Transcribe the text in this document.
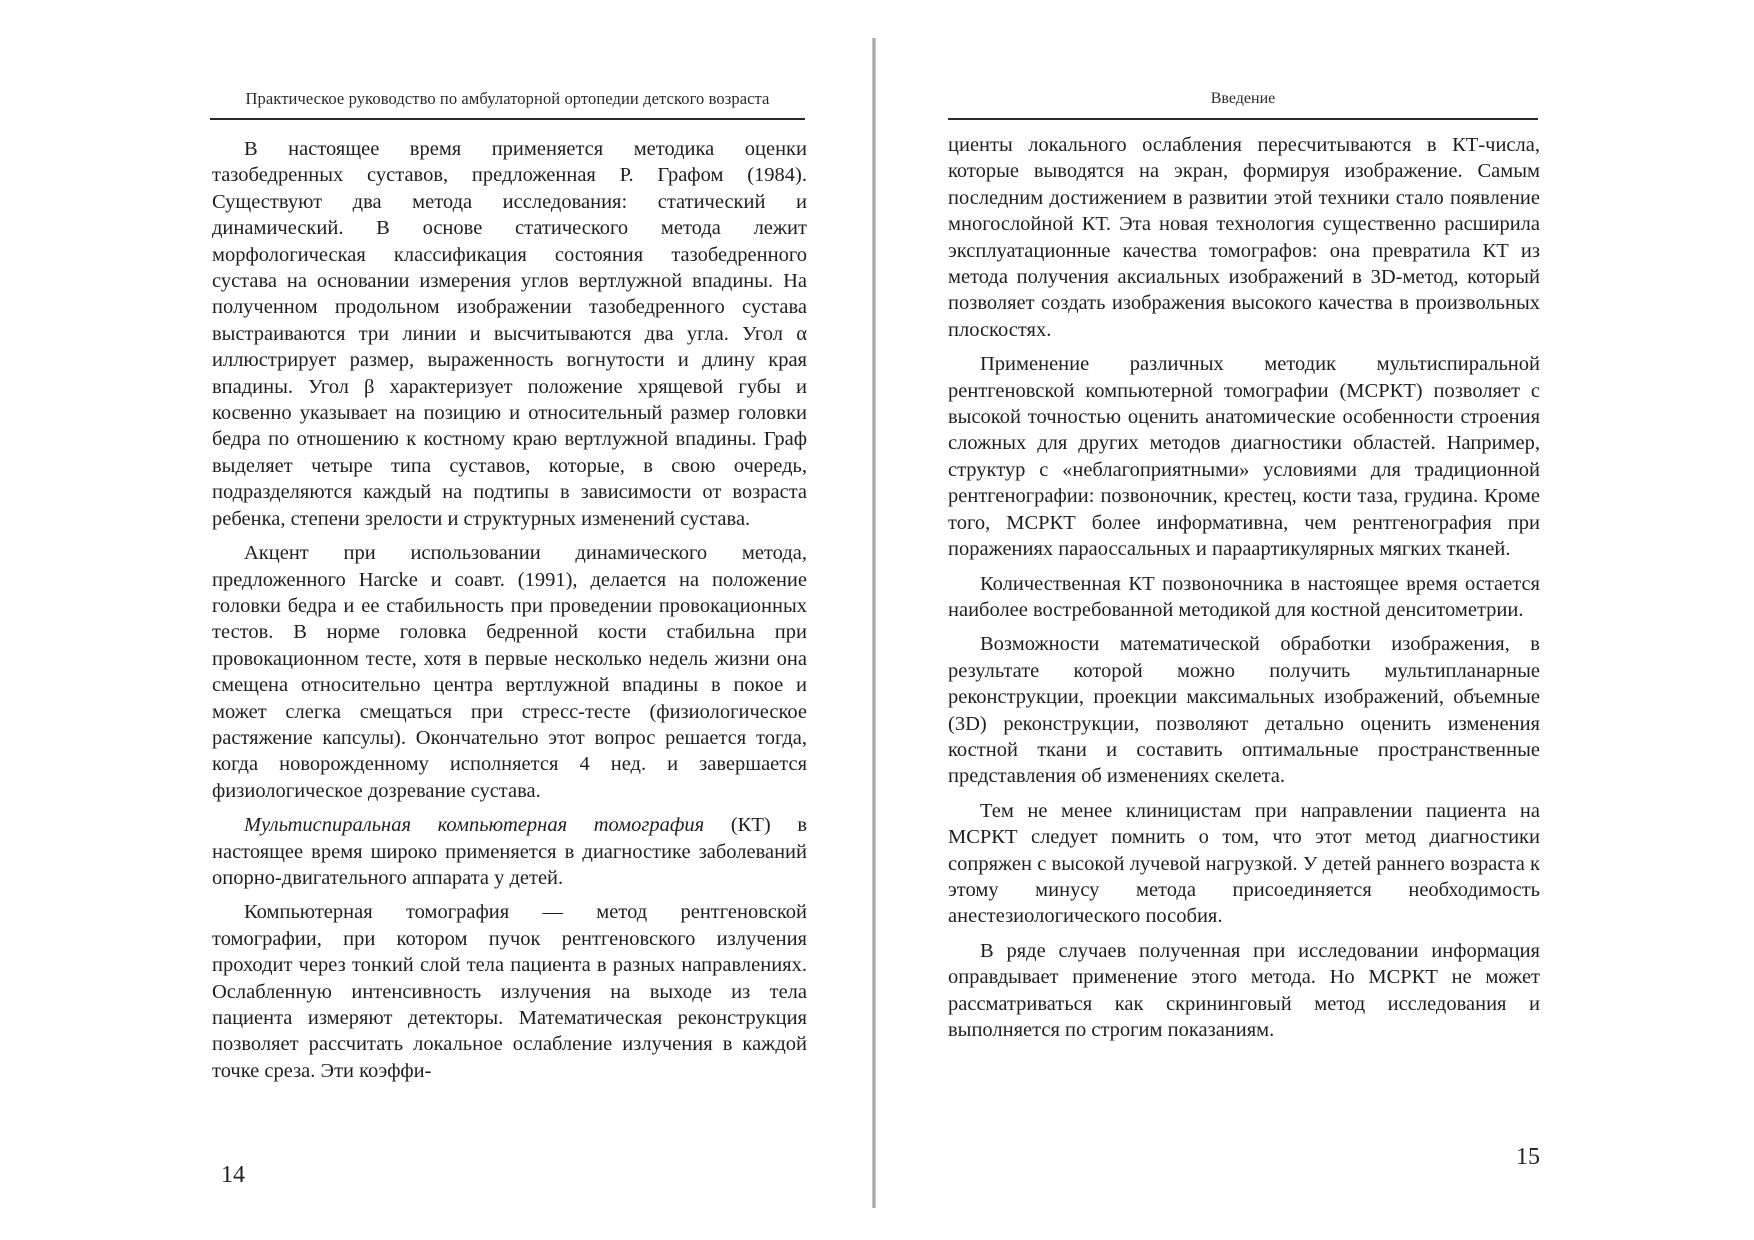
Практическое руководство по амбулаторной ортопедии детского возраста

В настоящее время применяется методика оценки тазобедренных суставов, предложенная Р. Графом (1984). Существуют два метода исследования: статический и динамический. В основе статического метода лежит морфологическая классификация состояния тазобедренного сустава на основании измерения углов вертлужной впадины. На полученном продольном изображении тазобедренного сустава выстраиваются три линии и высчитываются два угла. Угол α иллюстрирует размер, выраженность вогнутости и длину края впадины. Угол β характеризует положение хрящевой губы и косвенно указывает на позицию и относительный размер головки бедра по отношению к костному краю вертлужной впадины. Граф выделяет четыре типа суставов, которые, в свою очередь, подразделяются каждый на подтипы в зависимости от возраста ребенка, степени зрелости и структурных изменений сустава.

Акцент при использовании динамического метода, предложенного Harcke и соавт. (1991), делается на положение головки бедра и ее стабильность при проведении провокационных тестов. В норме головка бедренной кости стабильна при провокационном тесте, хотя в первые несколько недель жизни она смещена относительно центра вертлужной впадины в покое и может слегка смещаться при стресс-тесте (физиологическое растяжение капсулы). Окончательно этот вопрос решается тогда, когда новорожденному исполняется 4 нед. и завершается физиологическое дозревание сустава.

Мультиспиральная компьютерная томография (КТ) в настоящее время широко применяется в диагностике заболеваний опорно-двигательного аппарата у детей.

Компьютерная томография — метод рентгеновской томографии, при котором пучок рентгеновского излучения проходит через тонкий слой тела пациента в разных направлениях. Ослабленную интенсивность излучения на выходе из тела пациента измеряют детекторы. Математическая реконструкция позволяет рассчитать локальное ослабление излучения в каждой точке среза. Эти коэффи-

14
Введение

циенты локального ослабления пересчитываются в КТ-числа, которые выводятся на экран, формируя изображение. Самым последним достижением в развитии этой техники стало появление многослойной КТ. Эта новая технология существенно расширила эксплуатационные качества томографов: она превратила КТ из метода получения аксиальных изображений в 3D-метод, который позволяет создать изображения высокого качества в произвольных плоскостях.

Применение различных методик мультиспиральной рентгеновской компьютерной томографии (МСРКТ) позволяет с высокой точностью оценить анатомические особенности строения сложных для других методов диагностики областей. Например, структур с «неблагоприятными» условиями для традиционной рентгенографии: позвоночник, крестец, кости таза, грудина. Кроме того, МСРКТ более информативна, чем рентгенография при поражениях параоссальных и параартикулярных мягких тканей.

Количественная КТ позвоночника в настоящее время остается наиболее востребованной методикой для костной денситометрии.

Возможности математической обработки изображения, в результате которой можно получить мультипланарные реконструкции, проекции максимальных изображений, объемные (3D) реконструкции, позволяют детально оценить изменения костной ткани и составить оптимальные пространственные представления об изменениях скелета.

Тем не менее клиницистам при направлении пациента на МСРКТ следует помнить о том, что этот метод диагностики сопряжен с высокой лучевой нагрузкой. У детей раннего возраста к этому минусу метода присоединяется необходимость анестезиологического пособия.

В ряде случаев полученная при исследовании информация оправдывает применение этого метода. Но МСРКТ не может рассматриваться как скрининговый метод исследования и выполняется по строгим показаниям.

15
